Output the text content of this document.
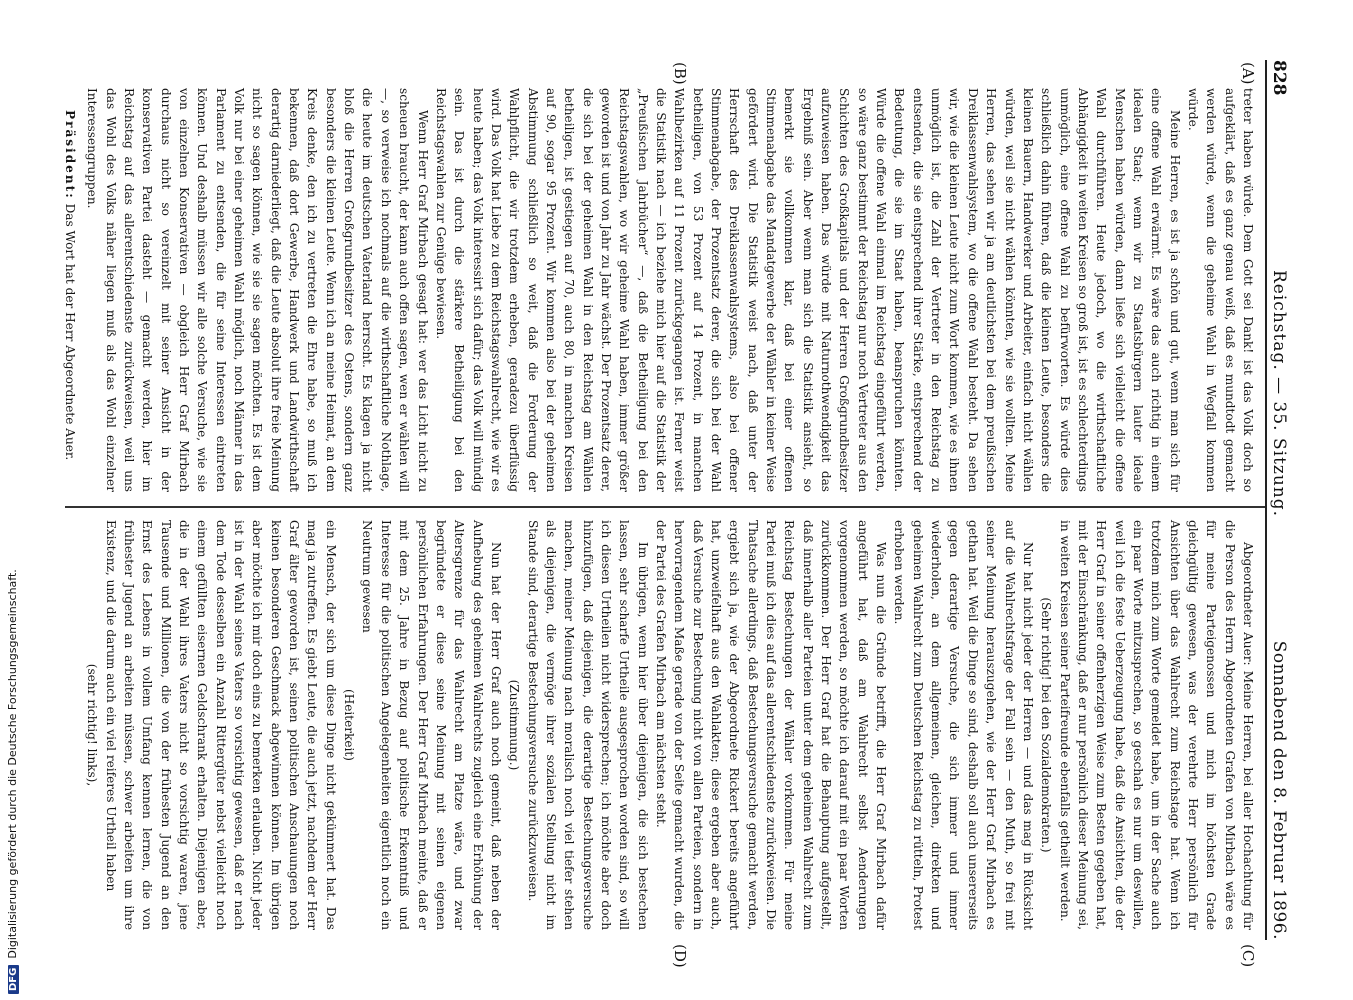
828
Reichstag. — 35. Sitzung.
Sonnabend den 8. Februar 1896.
(A)
(B)
(C)
(D)

treter haben würde. Dem Gott sei Dank! ist das Volk doch so aufgeklärt, daß es ganz genau weiß, daß es mundtodt gemacht werden würde, wenn die geheime Wahl in Wegfall kommen würde.

Meine Herren, es ist ja schön und gut, wenn man sich für eine offene Wahl erwärmt. Es wäre das auch richtig in einem idealen Staat; wenn wir zu Staatsbürgern lauter ideale Menschen haben würden, dann ließe sich vielleicht die offene Wahl durchführen. Heute jedoch, wo die wirthschaftliche Abhängigkeit in weiten Kreisen so groß ist, ist es schlechterdings unmöglich, eine offene Wahl zu befürworten. Es würde dies schließlich dahin führen, daß die kleinen Leute, besonders die kleinen Bauern, Handwerker und Arbeiter, einfach nicht wählen würden, weil sie nicht wählen könnten, wie sie wollten. Meine Herren, das sehen wir ja am deutlichsten bei dem preußischen Dreiklassenwahlsystem, wo die offene Wahl besteht. Da sehen wir, wie die kleinen Leute nicht zum Wort kommen, wie es ihnen unmöglich ist, die Zahl der Vertreter in den Reichstag zu entsenden, die sie entsprechend ihrer Stärke, entsprechend der Bedeutung, die sie im Staat haben, beanspruchen könnten. Würde die offene Wahl einmal im Reichstag eingeführt werden, so wäre ganz bestimmt der Reichstag nur noch Vertreter aus den Schichten des Großkapitals und der Herren Großgrundbesitzer aufzuweisen haben. Das würde mit Naturnothwendigkeit das Ergebniß sein. Aber wenn man sich die Statistik ansieht, so bemerkt sie vollkommen klar, daß bei einer offenen Stimmenabgabe das Mandatgewerbe der Wähler in keiner Weise gefördert wird. Die Statistik weist nach, daß unter der Herrschaft des Dreiklassenwahlsystems, also bei offener Stimmenabgabe, der Prozentsatz derer, die sich bei der Wahl betheiligen, von 53 Prozent auf 14 Prozent, in manchen Wahlbezirken auf 11 Prozent zurückgegangen ist. Ferner weist die Statistik nach — ich beziehe mich hier auf die Statistik der „Preußischen Jahrbücher“ —, daß die Betheiligung bei den Reichstagswahlen, wo wir geheime Wahl haben, immer größer geworden ist und von Jahr zu Jahr wächst. Der Prozentsatz derer, die sich bei der geheimen Wahl in den Reichstag am Wählen betheiligen, ist gestiegen auf 70, auch 80, in manchen Kreisen auf 90, sogar 95 Prozent. Wir kommen also bei der geheimen Abstimmung schließlich so weit, daß die Forderung der Wahlpflicht, die wir trotzdem erheben, geradezu überflüssig wird. Das Volk hat Liebe zu dem Reichstagswahlrecht, wie wir es heute haben; das Volk interessirt sich dafür; das Volk will mündig sein. Das ist durch die stärkere Betheiligung bei den Reichstagswahlen zur Genüge bewiesen.

Wenn Herr Graf Mirbach gesagt hat: wer das Licht nicht zu scheuen braucht, der kann auch offen sagen, wen er wählen will —, so verweise ich nochmals auf die wirthschaftliche Nothlage, die heute im deutschen Vaterland herrscht. Es klagen ja nicht bloß die Herren Großgrundbesitzer des Ostens, sondern ganz besonders die kleinen Leute. Wenn ich an meine Heimat, an dem Kreis denke, den ich zu vertreten die Ehre habe, so muß ich bekennen, daß dort Gewerbe, Handwerk und Landwirthschaft derartig darniederliegt, daß die Leute absolut ihre freie Meinung nicht so sagen können, wie sie sie sagen möchten. Es ist dem Volk nur bei einer geheimen Wahl möglich, noch Männer in das Parlament zu entsenden, die für seine Interessen eintreten können. Und deshalb müssen wir alle solche Versuche, wie sie von einzelnen Konservativen — obgleich Herr Graf Mirbach durchaus nicht so vereinzelt mit seiner Ansicht in der konservativen Partei dasteht — gemacht werden, hier im Reichstag auf das allerentschiedenste zurückweisen, weil uns das Wohl des Volks näher liegen muß als das Wohl einzelner Interessengruppen.

Präsident: Das Wort hat der Herr Abgeordnete Auer.

Abgeordneter Auer: Meine Herren, bei aller Hochachtung für die Person des Herrn Abgeordneten Grafen von Mirbach wäre es für meine Parteigenossen und mich im höchsten Grade gleichgültig gewesen, was der verehrte Herr persönlich für Ansichten über das Wahlrecht zum Reichstage hat. Wenn ich trotzdem mich zum Worte gemeldet habe, um in der Sache auch ein paar Worte mitzusprechen, so geschah es nur um deswillen, weil ich die feste Ueberzeugung habe, daß die Ansichten, die der Herr Graf in seiner offenherzigen Weise zum Besten gegeben hat, mit der Einschränkung, daß er nur persönlich dieser Meinung sei, in weiten Kreisen seiner Parteifreunde ebenfalls getheilt werden.

(Sehr richtig! bei den Sozialdemokraten.)

Nur hat nicht jeder der Herren — und das mag in Rücksicht auf die Wahlrechtsfrage der Fall sein — den Muth, so frei mit seiner Meinung herauszugehen, wie der Herr Graf Mirbach es gethan hat. Weil die Dinge so sind, deshalb soll auch unsererseits gegen derartige Versuche, die sich immer und immer wiederholen, an dem allgemeinen, gleichen, direkten und geheimen Wahlrecht zum Deutschen Reichstag zu rütteln, Protest erhoben werden.

Was nun die Gründe betrifft, die Herr Graf Mirbach dafür angeführt hat, daß am Wahlrecht selbst Aenderungen vorgenommen werden, so möchte ich darauf mit ein paar Worten zurückkommen. Der Herr Graf hat die Behauptung aufgestellt, daß innerhalb aller Parteien unter dem geheimen Wahlrecht zum Reichstag Bestechungen der Wähler vorkommen. Für meine Partei muß ich dies auf das allerentschiedenste zurückweisen. Die Thatsache allerdings, daß Bestechungsversuche gemacht werden, ergiebt sich ja, wie der Abgeordnete Rickert bereits angeführt hat, unzweifelhaft aus den Wahlakten; diese ergeben aber auch, daß Versuche zur Bestechung nicht von allen Parteien, sondern in hervorragendem Maße gerade von der Seite gemacht wurden, die der Partei des Grafen Mirbach am nächsten steht.

Im übrigen, wenn hier über diejenigen, die sich bestechen lassen, sehr scharfe Urtheile ausgesprochen worden sind, so will ich diesen Urtheilen nicht widersprechen; ich möchte aber doch hinzufügen, daß diejenigen, die derartige Bestechungsversuche machen, meiner Meinung nach moralisch noch viel tiefer stehen als diejenigen, die vermöge ihrer sozialen Stellung nicht im Stande sind, derartige Bestechungsversuche zurückzuweisen.

(Zustimmung.)

Nun hat der Herr Graf auch noch gemeint, daß neben der Aufhebung des geheimen Wahlrechts zugleich eine Erhöhung der Altersgrenze für das Wahlrecht am Platze wäre, und zwar begründete er diese seine Meinung mit seinen eigenen persönlichen Erfahrungen. Der Herr Graf Mirbach meinte, daß er mit dem 25. Jahre in Bezug auf politische Erkenntniß und Interesse für die politischen Angelegenheiten eigentlich noch ein Neutrum gewesen

(Heiterkeit)

ein Mensch, der sich um diese Dinge nicht gekümmert hat. Das mag ja zutreffen. Es giebt Leute, die auch jetzt, nachdem der Herr Graf älter geworden ist, seinen politischen Anschauungen noch keinen besonderen Geschmack abgewinnen können. Im übrigen aber möchte ich mir doch eins zu bemerken erlauben. Nicht jeder ist in der Wahl seines Vaters so vorsichtig gewesen, daß er nach dem Tode desselben ein Anzahl Rittergüter nebst vielleicht noch einem gefüllten eisernen Geldschrank erhalten. Diejenigen aber, die in der Wahl ihres Vaters nicht so vorsichtig waren, jene Tausende und Millionen, die von der frühesten Jugend an den Ernst des Lebens in vollem Umfang kennen lernen, die von frühester Jugend an arbeiten müssen, schwer arbeiten um ihre Existenz, und die darum auch ein viel reiferes Urtheil haben

(sehr richtig! links),

DFGDigitalisierung gefördert durch die Deutsche Forschungsgemeinschaft.
